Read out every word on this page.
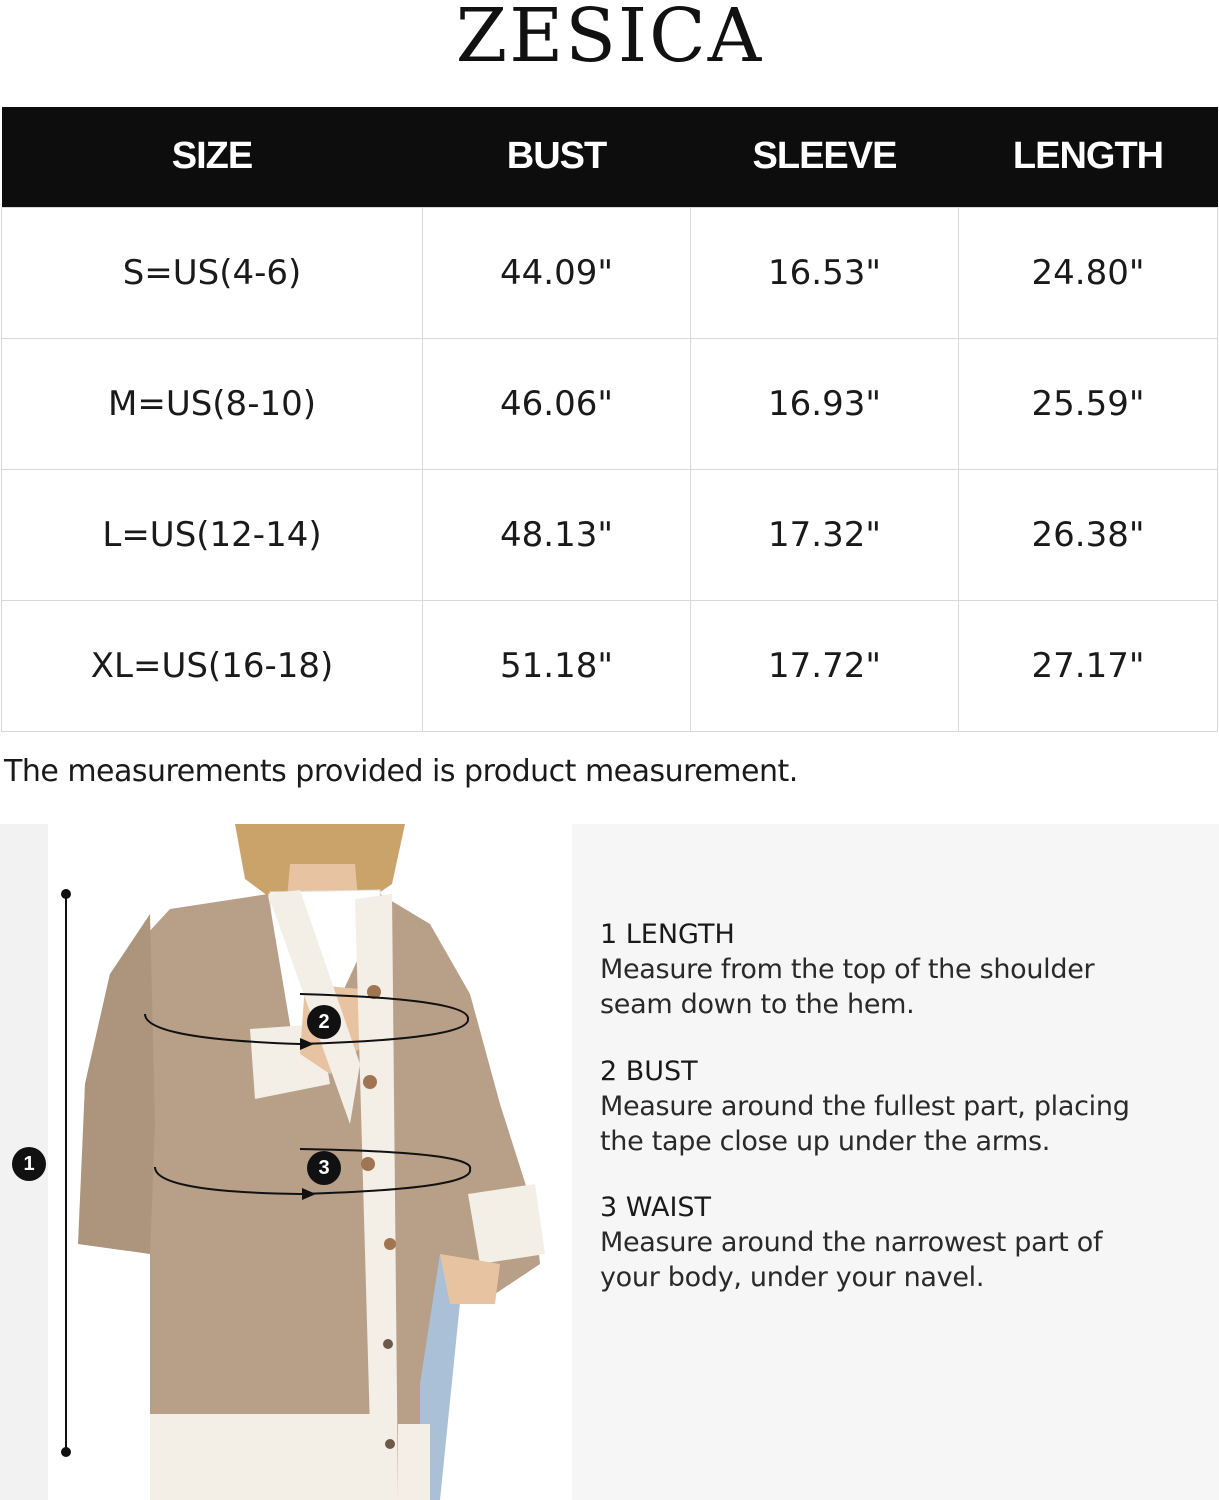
ZESICA
SIZE	BUST	SLEEVE	LENGTH
S=US(4-6)	44.09"	16.53"	24.80"
M=US(8-10)	46.06"	16.93"	25.59"
L=US(12-14)	48.13"	17.32"	26.38"
XL=US(16-18)	51.18"	17.72"	27.17"
The measurements provided is product measurement.
1
2
3
1 LENGTH
Measure from the top of the shoulder
seam down to the hem.
2 BUST
Measure around the fullest part, placing
the tape close up under the arms.
3 WAIST
Measure around the narrowest part of
your body, under your navel.
